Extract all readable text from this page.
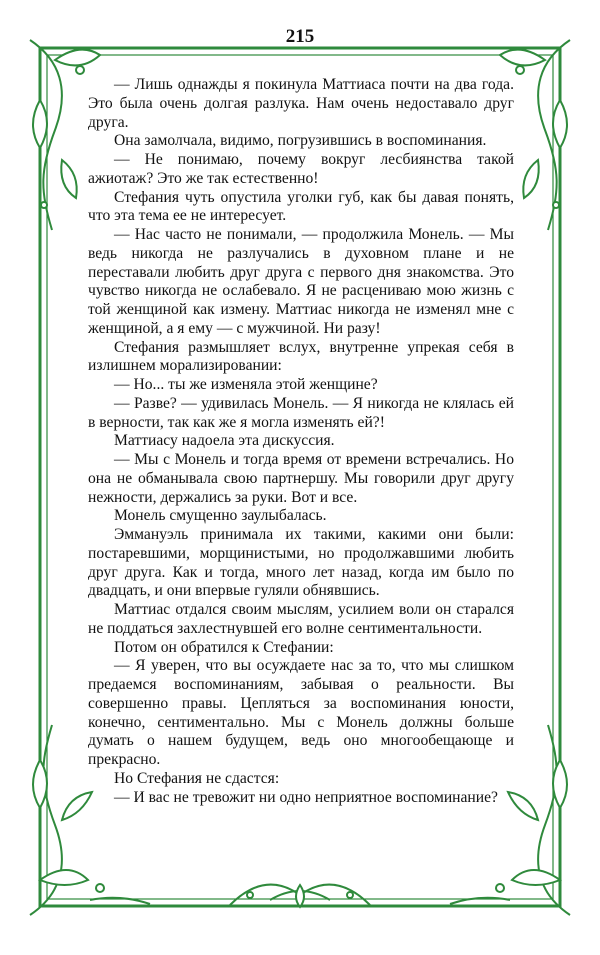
215

— Лишь однажды я покинула Маттиаса почти на два года. Это была очень долгая разлука. Нам очень недоставало друг друга.

Она замолчала, видимо, погрузившись в воспоминания.

— Не понимаю, почему вокруг лесбиянства такой ажиотаж? Это же так естественно!

Стефания чуть опустила уголки губ, как бы давая понять, что эта тема ее не интересует.

— Нас часто не понимали, — продолжила Монель. — Мы ведь никогда не разлучались в духовном плане и не переставали любить друг друга с первого дня знакомства. Это чувство никогда не ослабевало. Я не расцениваю мою жизнь с той женщиной как измену. Маттиас никогда не изменял мне с женщиной, а я ему — с мужчиной. Ни разу!

Стефания размышляет вслух, внутренне упрекая себя в излишнем морализировании:

— Но... ты же изменяла этой женщине?

— Разве? — удивилась Монель. — Я никогда не клялась ей в верности, так как же я могла изменять ей?!

Маттиасу надоела эта дискуссия.

— Мы с Монель и тогда время от времени встречались. Но она не обманывала свою партнершу. Мы говорили друг другу нежности, держались за руки. Вот и все.

Монель смущенно заулыбалась.

Эммануэль принимала их такими, какими они были: постаревшими, морщинистыми, но продолжавшими любить друг друга. Как и тогда, много лет назад, когда им было по двадцать, и они впервые гуляли обнявшись.

Маттиас отдался своим мыслям, усилием воли он старался не поддаться захлестнувшей его волне сентиментальности.

Потом он обратился к Стефании:

— Я уверен, что вы осуждаете нас за то, что мы слишком предаемся воспоминаниям, забывая о реальности. Вы совершенно правы. Цепляться за воспоминания юности, конечно, сентиментально. Мы с Монель должны больше думать о нашем будущем, ведь оно многообещающе и прекрасно.

Но Стефания не сдастся:

— И вас не тревожит ни одно неприятное воспоминание?
